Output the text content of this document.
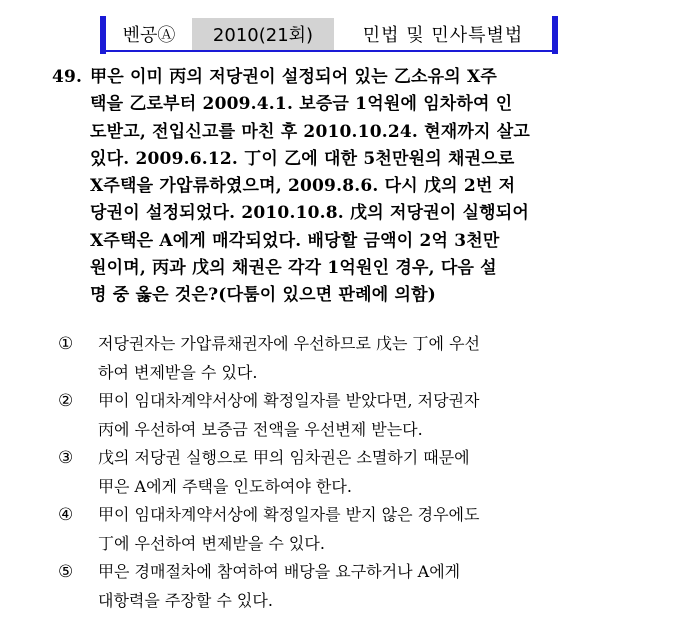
벤공Ⓐ	2010(21회)	민법 및 민사특별법
49. 甲은 이미 丙의 저당권이 설정되어 있는 乙소유의 X주
택을 乙로부터 2009.4.1. 보증금 1억원에 임차하여 인
도받고, 전입신고를 마친 후 2010.10.24. 현재까지 살고
있다. 2009.6.12. 丁이 乙에 대한 5천만원의 채권으로
X주택을 가압류하였으며, 2009.8.6. 다시 戊의 2번 저
당권이 설정되었다. 2010.10.8. 戊의 저당권이 실행되어
X주택은 A에게 매각되었다. 배당할 금액이 2억 3천만
원이며, 丙과 戊의 채권은 각각 1억원인 경우, 다음 설
명 중 옳은 것은?(다툼이 있으면 판례에 의함)
①	저당권자는 가압류채권자에 우선하므로 戊는 丁에 우선
하여 변제받을 수 있다.
②	甲이 임대차계약서상에 확정일자를 받았다면, 저당권자
丙에 우선하여 보증금 전액을 우선변제 받는다.
③	戊의 저당권 실행으로 甲의 임차권은 소멸하기 때문에
甲은 A에게 주택을 인도하여야 한다.
④	甲이 임대차계약서상에 확정일자를 받지 않은 경우에도
丁에 우선하여 변제받을 수 있다.
⑤	甲은 경매절차에 참여하여 배당을 요구하거나 A에게
대항력을 주장할 수 있다.
